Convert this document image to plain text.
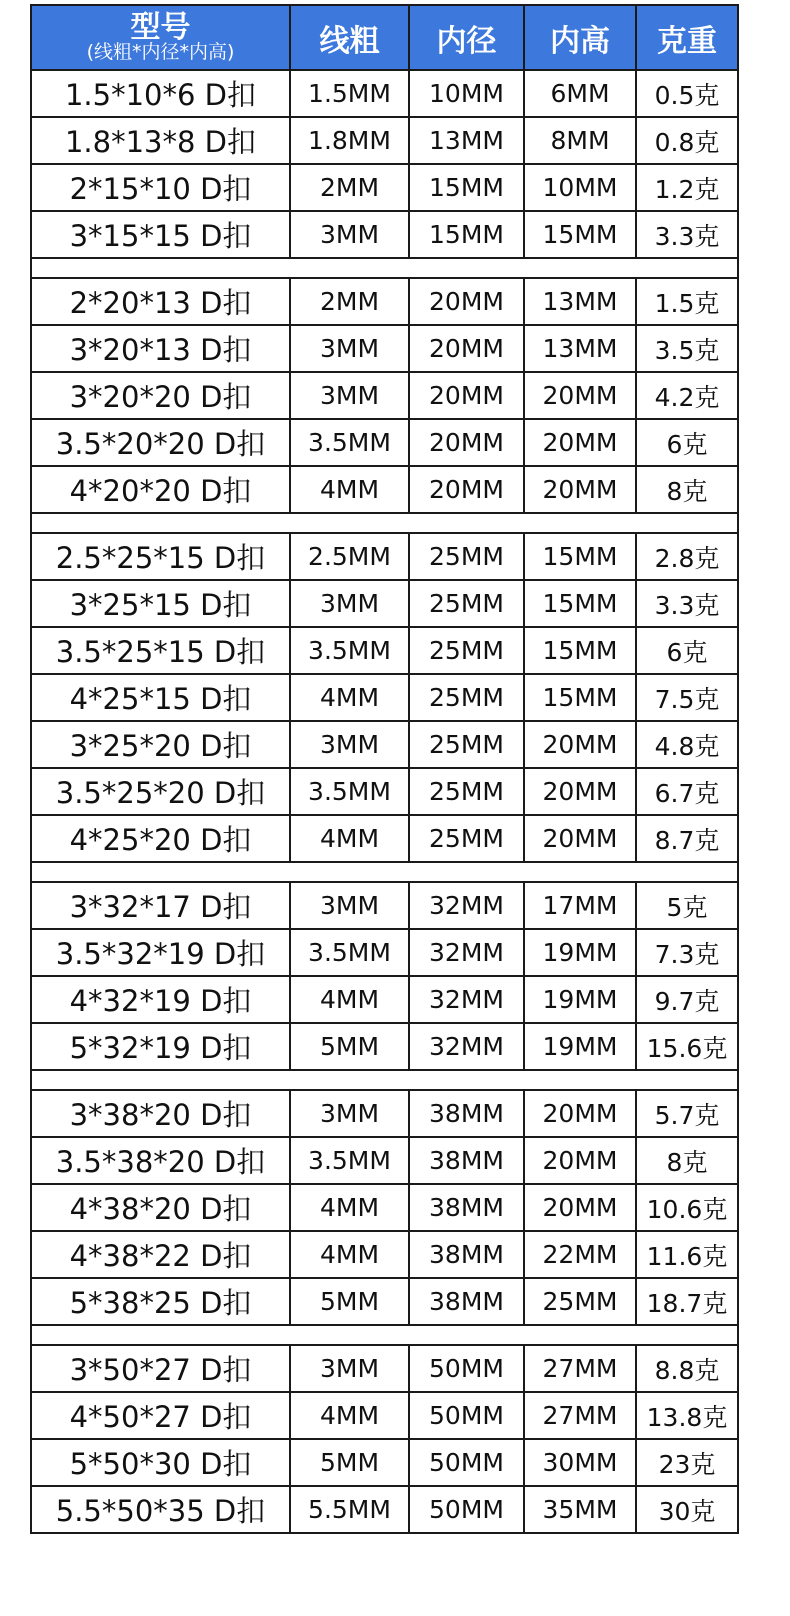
型号
(线粗*内径*内高)	线粗	内径	内高	克重
1.5*10*6 D扣	1.5MM	10MM	6MM	0.5克
1.8*13*8 D扣	1.8MM	13MM	8MM	0.8克
2*15*10 D扣	2MM	15MM	10MM	1.2克
3*15*15 D扣	3MM	15MM	15MM	3.3克

2*20*13 D扣	2MM	20MM	13MM	1.5克
3*20*13 D扣	3MM	20MM	13MM	3.5克
3*20*20 D扣	3MM	20MM	20MM	4.2克
3.5*20*20 D扣	3.5MM	20MM	20MM	6克
4*20*20 D扣	4MM	20MM	20MM	8克

2.5*25*15 D扣	2.5MM	25MM	15MM	2.8克
3*25*15 D扣	3MM	25MM	15MM	3.3克
3.5*25*15 D扣	3.5MM	25MM	15MM	6克
4*25*15 D扣	4MM	25MM	15MM	7.5克
3*25*20 D扣	3MM	25MM	20MM	4.8克
3.5*25*20 D扣	3.5MM	25MM	20MM	6.7克
4*25*20 D扣	4MM	25MM	20MM	8.7克

3*32*17 D扣	3MM	32MM	17MM	5克
3.5*32*19 D扣	3.5MM	32MM	19MM	7.3克
4*32*19 D扣	4MM	32MM	19MM	9.7克
5*32*19 D扣	5MM	32MM	19MM	15.6克

3*38*20 D扣	3MM	38MM	20MM	5.7克
3.5*38*20 D扣	3.5MM	38MM	20MM	8克
4*38*20 D扣	4MM	38MM	20MM	10.6克
4*38*22 D扣	4MM	38MM	22MM	11.6克
5*38*25 D扣	5MM	38MM	25MM	18.7克

3*50*27 D扣	3MM	50MM	27MM	8.8克
4*50*27 D扣	4MM	50MM	27MM	13.8克
5*50*30 D扣	5MM	50MM	30MM	23克
5.5*50*35 D扣	5.5MM	50MM	35MM	30克
